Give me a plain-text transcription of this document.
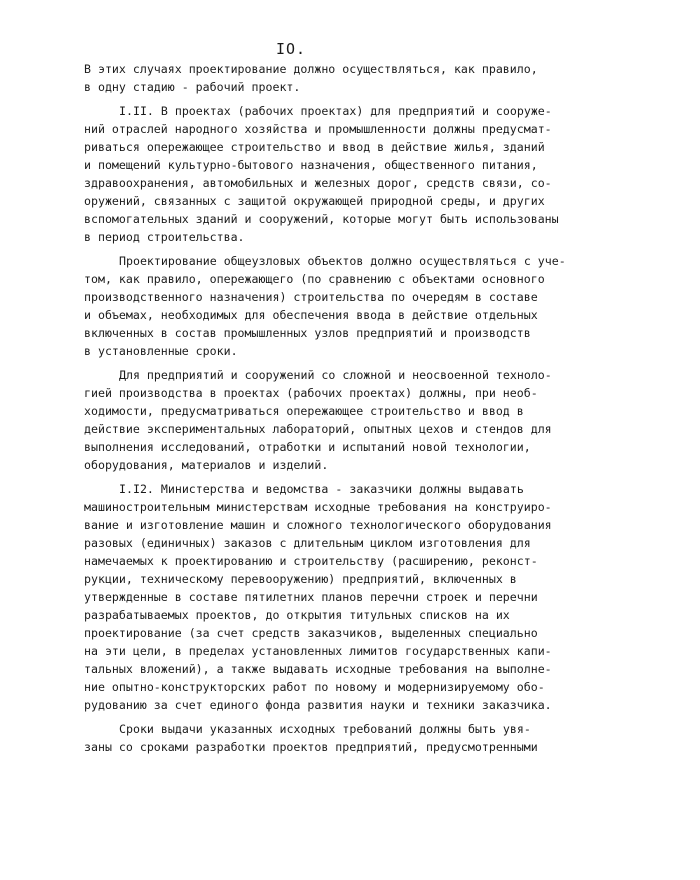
IO.
В этих случаях проектирование должно осуществляться, как правило,
в одну стадию - рабочий проект.
I.II. В проектах (рабочих проектах) для предприятий и сооруже-
ний отраслей народного хозяйства и промышленности должны предусмат-
риваться опережающее строительство и ввод в действие жилья, зданий
и помещений культурно-бытового назначения, общественного питания,
здравоохранения, автомобильных и железных дорог, средств связи, со-
оружений, связанных с защитой окружающей природной среды, и других
вспомогательных зданий и сооружений, которые могут быть использованы
в период строительства.
Проектирование общеузловых объектов должно осуществляться с уче-
том, как правило, опережающего (по сравнению с объектами основного
производственного назначения) строительства по очередям в составе
и объемах, необходимых для обеспечения ввода в действие отдельных
включенных в состав промышленных узлов предприятий и производств
в установленные сроки.
Для предприятий и сооружений со сложной и неосвоенной техноло-
гией производства в проектах (рабочих проектах) должны, при необ-
ходимости, предусматриваться опережающее строительство и ввод в
действие экспериментальных лабораторий, опытных цехов и стендов для
выполнения исследований, отработки и испытаний новой технологии,
оборудования, материалов и изделий.
I.I2. Министерства и ведомства - заказчики должны выдавать
машиностроительным министерствам исходные требования на конструиро-
вание и изготовление машин и сложного технологического оборудования
разовых (единичных) заказов с длительным циклом изготовления для
намечаемых к проектированию и строительству (расширению, реконст-
рукции, техническому перевооружению) предприятий, включенных в
утвержденные в составе пятилетних планов перечни строек и перечни
разрабатываемых проектов, до открытия титульных списков на их
проектирование (за счет средств заказчиков, выделенных специально
на эти цели, в пределах установленных лимитов государственных капи-
тальных вложений), а также выдавать исходные требования на выполне-
ние опытно-конструкторских работ по новому и модернизируемому обо-
рудованию за счет единого фонда развития науки и техники заказчика.
Сроки выдачи указанных исходных требований должны быть увя-
заны со сроками разработки проектов предприятий, предусмотренными
